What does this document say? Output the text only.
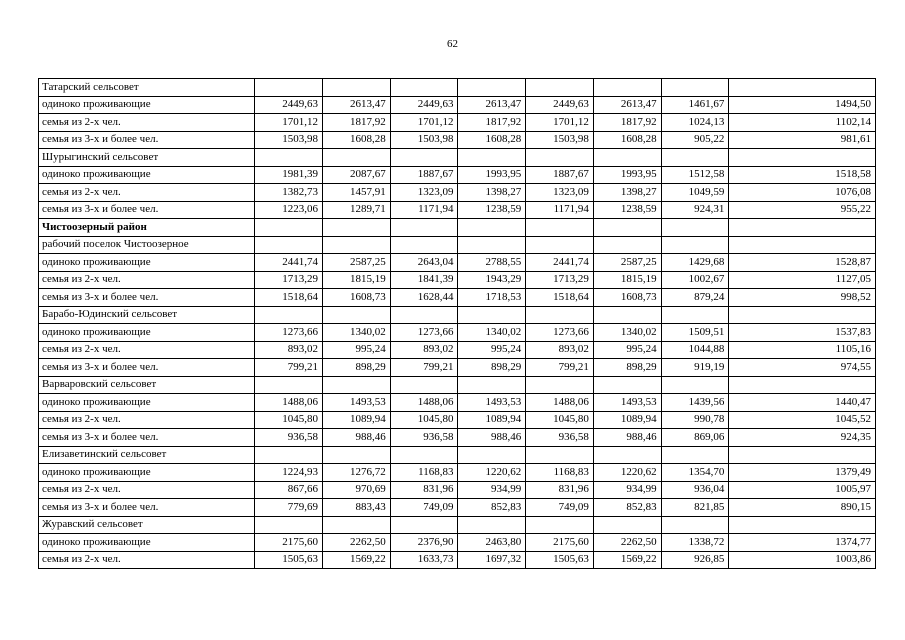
62
Татарский сельсовет								
одиноко проживающие	2449,63	2613,47	2449,63	2613,47	2449,63	2613,47	1461,67	1494,50
семья из 2-х чел.	1701,12	1817,92	1701,12	1817,92	1701,12	1817,92	1024,13	1102,14
семья из 3-х и более чел.	1503,98	1608,28	1503,98	1608,28	1503,98	1608,28	905,22	981,61
Шурыгинский сельсовет								
одиноко проживающие	1981,39	2087,67	1887,67	1993,95	1887,67	1993,95	1512,58	1518,58
семья из 2-х чел.	1382,73	1457,91	1323,09	1398,27	1323,09	1398,27	1049,59	1076,08
семья из 3-х и более чел.	1223,06	1289,71	1171,94	1238,59	1171,94	1238,59	924,31	955,22
Чистоозерный район								
рабочий поселок Чистоозерное								
одиноко проживающие	2441,74	2587,25	2643,04	2788,55	2441,74	2587,25	1429,68	1528,87
семья из 2-х чел.	1713,29	1815,19	1841,39	1943,29	1713,29	1815,19	1002,67	1127,05
семья из 3-х и более чел.	1518,64	1608,73	1628,44	1718,53	1518,64	1608,73	879,24	998,52
Барабо-Юдинский сельсовет								
одиноко проживающие	1273,66	1340,02	1273,66	1340,02	1273,66	1340,02	1509,51	1537,83
семья из 2-х чел.	893,02	995,24	893,02	995,24	893,02	995,24	1044,88	1105,16
семья из 3-х и более чел.	799,21	898,29	799,21	898,29	799,21	898,29	919,19	974,55
Варваровский сельсовет								
одиноко проживающие	1488,06	1493,53	1488,06	1493,53	1488,06	1493,53	1439,56	1440,47
семья из 2-х чел.	1045,80	1089,94	1045,80	1089,94	1045,80	1089,94	990,78	1045,52
семья из 3-х и более чел.	936,58	988,46	936,58	988,46	936,58	988,46	869,06	924,35
Елизаветинский сельсовет								
одиноко проживающие	1224,93	1276,72	1168,83	1220,62	1168,83	1220,62	1354,70	1379,49
семья из 2-х чел.	867,66	970,69	831,96	934,99	831,96	934,99	936,04	1005,97
семья из 3-х и более чел.	779,69	883,43	749,09	852,83	749,09	852,83	821,85	890,15
Журавский сельсовет								
одиноко проживающие	2175,60	2262,50	2376,90	2463,80	2175,60	2262,50	1338,72	1374,77
семья из 2-х чел.	1505,63	1569,22	1633,73	1697,32	1505,63	1569,22	926,85	1003,86
